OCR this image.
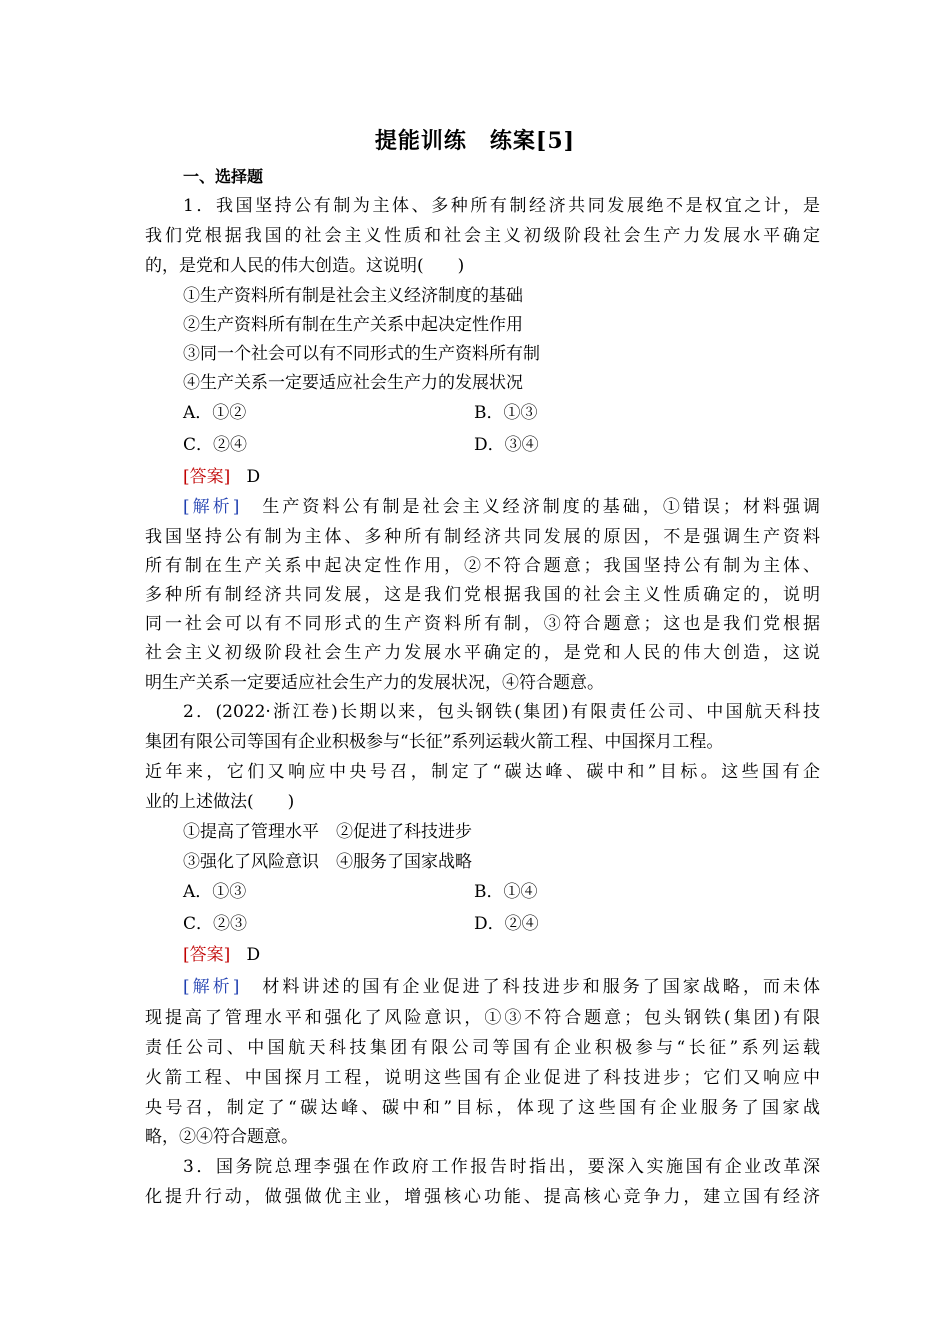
提能训练　练案[5]
一、选择题
1．我国坚持公有制为主体、多种所有制经济共同发展绝不是权宜之计，是
我们党根据我国的社会主义性质和社会主义初级阶段社会生产力发展水平确定
的，是党和人民的伟大创造。这说明(　　)
①生产资料所有制是社会主义经济制度的基础
②生产资料所有制在生产关系中起决定性作用
③同一个社会可以有不同形式的生产资料所有制
④生产关系一定要适应社会生产力的发展状况
A．①②	B．①③
C．②④	D．③④
[答案] D
[解析]　 生产资料公有制是社会主义经济制度的基础，①错误；材料强调
我国坚持公有制为主体、多种所有制经济共同发展的原因，不是强调生产资料
所有制在生产关系中起决定性作用，②不符合题意；我国坚持公有制为主体、
多种所有制经济共同发展，这是我们党根据我国的社会主义性质确定的，说明
同一社会可以有不同形式的生产资料所有制，③符合题意；这也是我们党根据
社会主义初级阶段社会生产力发展水平确定的，是党和人民的伟大创造，这说
明生产关系一定要适应社会生产力的发展状况，④符合题意。
2．(2022·浙江卷)长期以来，包头钢铁(集团)有限责任公司、中国航天科技
集团有限公司等国有企业积极参与“长征”系列运载火箭工程、中国探月工程。
近年来，它们又响应中央号召，制定了“碳达峰、碳中和”目标。这些国有企
业的上述做法(　　)
①提高了管理水平　②促进了科技进步
③强化了风险意识　④服务了国家战略
A．①③	B．①④
C．②③	D．②④
[答案] D
[解析]　 材料讲述的国有企业促进了科技进步和服务了国家战略，而未体
现提高了管理水平和强化了风险意识，①③不符合题意；包头钢铁(集团)有限
责任公司、中国航天科技集团有限公司等国有企业积极参与“长征”系列运载
火箭工程、中国探月工程，说明这些国有企业促进了科技进步；它们又响应中
央号召，制定了“碳达峰、碳中和”目标，体现了这些国有企业服务了国家战
略，②④符合题意。
3．国务院总理李强在作政府工作报告时指出，要深入实施国有企业改革深
化提升行动，做强做优主业，增强核心功能、提高核心竞争力，建立国有经济
